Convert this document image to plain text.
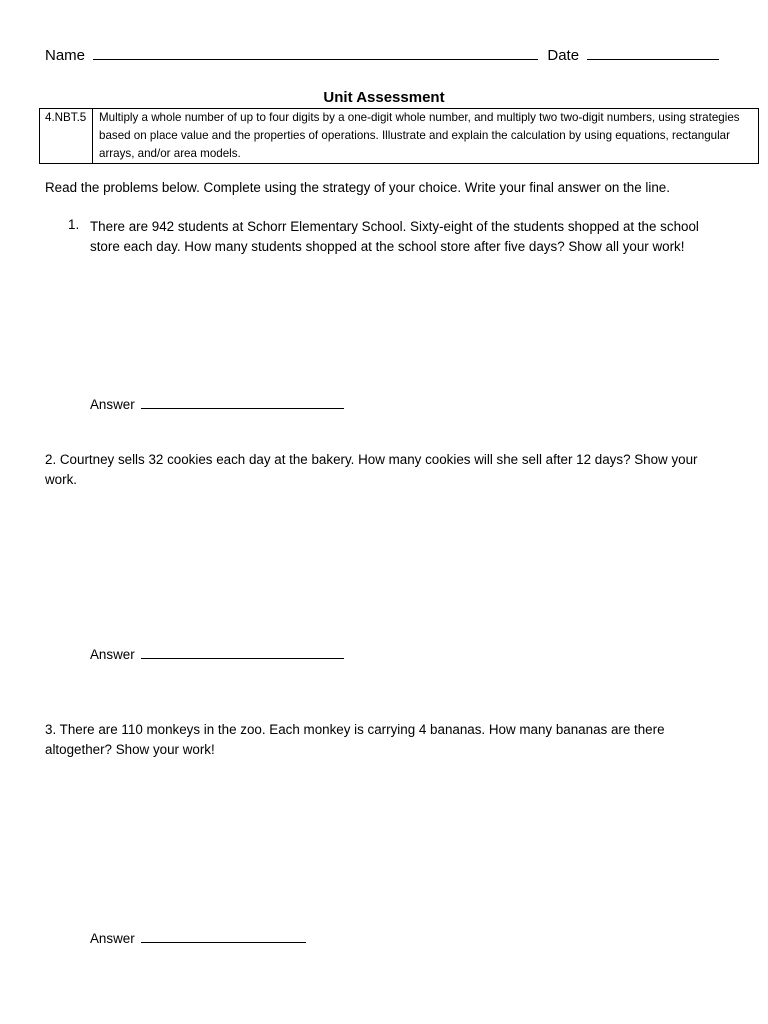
Name	Date
Unit Assessment
4.NBT.5	Multiply a whole number of up to four digits by a one-digit whole number, and multiply two two-digit numbers, using strategies based on place value and the properties of operations. Illustrate and explain the calculation by using equations, rectangular arrays, and/or area models.
Read the problems below. Complete using the strategy of your choice. Write your final answer on the line.
1. There are 942 students at Schorr Elementary School. Sixty-eight of the students shopped at the school store each day. How many students shopped at the school store after five days? Show all your work!
Answer
2. Courtney sells 32 cookies each day at the bakery. How many cookies will she sell after 12 days? Show your work.
Answer
3. There are 110 monkeys in the zoo. Each monkey is carrying 4 bananas. How many bananas are there altogether? Show your work!
Answer
